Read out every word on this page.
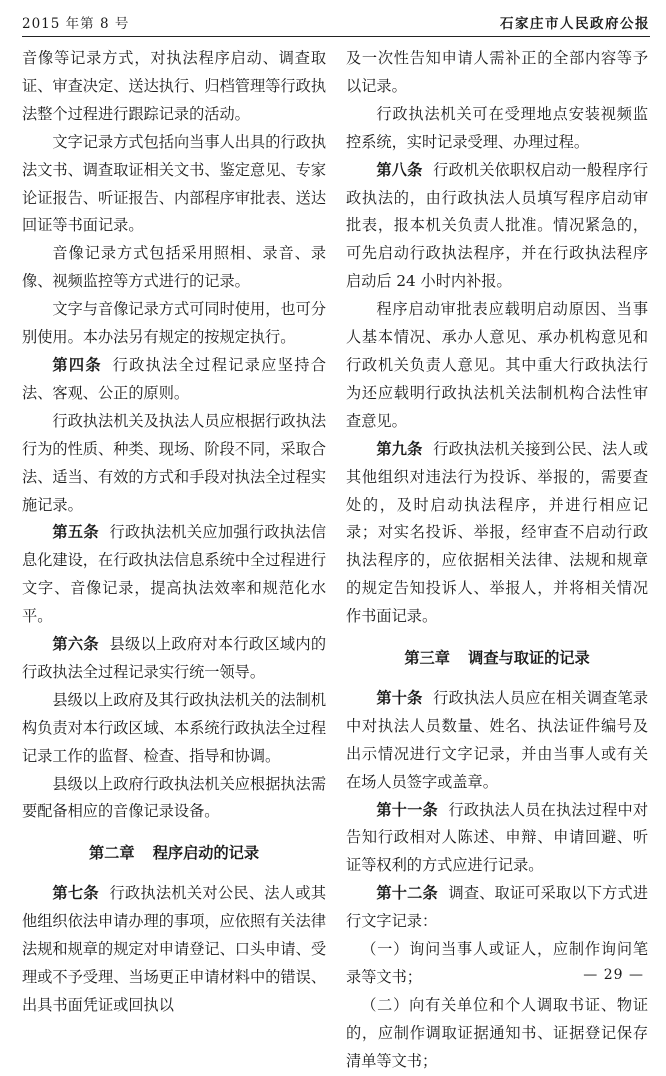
2015 年第 8 号	石家庄市人民政府公报

音像等记录方式，对执法程序启动、调查取证、审查决定、送达执行、归档管理等行政执法整个过程进行跟踪记录的活动。

文字记录方式包括向当事人出具的行政执法文书、调查取证相关文书、鉴定意见、专家论证报告、听证报告、内部程序审批表、送达回证等书面记录。

音像记录方式包括采用照相、录音、录像、视频监控等方式进行的记录。

文字与音像记录方式可同时使用，也可分别使用。本办法另有规定的按规定执行。

第四条 行政执法全过程记录应坚持合法、客观、公正的原则。

行政执法机关及执法人员应根据行政执法行为的性质、种类、现场、阶段不同，采取合法、适当、有效的方式和手段对执法全过程实施记录。

第五条 行政执法机关应加强行政执法信息化建设，在行政执法信息系统中全过程进行文字、音像记录，提高执法效率和规范化水平。

第六条 县级以上政府对本行政区域内的行政执法全过程记录实行统一领导。

县级以上政府及其行政执法机关的法制机构负责对本行政区域、本系统行政执法全过程记录工作的监督、检查、指导和协调。

县级以上政府行政执法机关应根据执法需要配备相应的音像记录设备。

第二章 程序启动的记录

第七条 行政执法机关对公民、法人或其他组织依法申请办理的事项，应依照有关法律法规和规章的规定对申请登记、口头申请、受理或不予受理、当场更正申请材料中的错误、出具书面凭证或回执以

及一次性告知申请人需补正的全部内容等予以记录。

行政执法机关可在受理地点安装视频监控系统，实时记录受理、办理过程。

第八条 行政机关依职权启动一般程序行政执法的，由行政执法人员填写程序启动审批表，报本机关负责人批准。情况紧急的，可先启动行政执法程序，并在行政执法程序启动后 24 小时内补报。

程序启动审批表应载明启动原因、当事人基本情况、承办人意见、承办机构意见和行政机关负责人意见。其中重大行政执法行为还应载明行政执法机关法制机构合法性审查意见。

第九条 行政执法机关接到公民、法人或其他组织对违法行为投诉、举报的，需要查处的，及时启动执法程序，并进行相应记录；对实名投诉、举报，经审查不启动行政执法程序的，应依据相关法律、法规和规章的规定告知投诉人、举报人，并将相关情况作书面记录。

第三章 调查与取证的记录

第十条 行政执法人员应在相关调查笔录中对执法人员数量、姓名、执法证件编号及出示情况进行文字记录，并由当事人或有关在场人员签字或盖章。

第十一条 行政执法人员在执法过程中对告知行政相对人陈述、申辩、申请回避、听证等权利的方式应进行记录。

第十二条 调查、取证可采取以下方式进行文字记录：

（一）询问当事人或证人，应制作询问笔录等文书；

（二）向有关单位和个人调取书证、物证的，应制作调取证据通知书、证据登记保存清单等文书；

— 29 —
